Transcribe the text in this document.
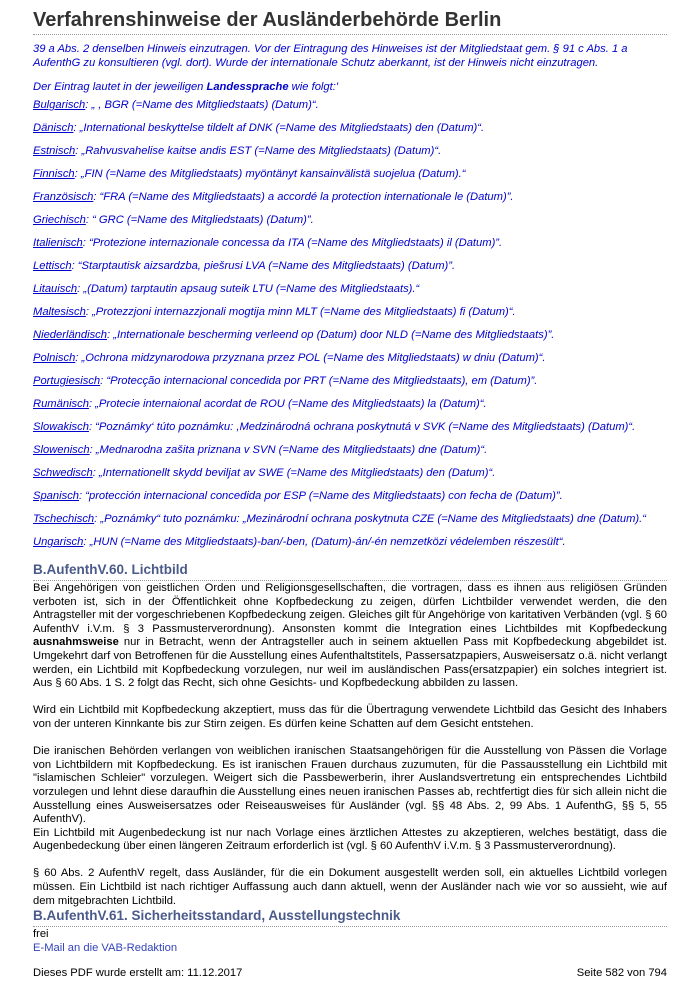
Verfahrenshinweise der Ausländerbehörde Berlin

39 a Abs. 2 denselben Hinweis einzutragen. Vor der Eintragung des Hinweises ist der Mitgliedstaat gem. § 91 c Abs. 1 a AufenthG zu konsultieren (vgl. dort). Wurde der internationale Schutz aberkannt, ist der Hinweis nicht einzutragen.

Der Eintrag lautet in der jeweiligen Landessprache wie folgt:'

Bulgarisch: „ , BGR (=Name des Mitgliedstaats) (Datum)“.
Dänisch: „International beskyttelse tildelt af DNK (=Name des Mitgliedstaats) den (Datum)“.
Estnisch: „Rahvusvahelise kaitse andis EST (=Name des Mitgliedstaats) (Datum)“.
Finnisch: „FIN (=Name des Mitgliedstaats) myöntänyt kansainvälistä suojelua (Datum).“
Französisch: “FRA (=Name des Mitgliedstaats) a accordé la protection internationale le (Datum)”.
Griechisch: “ GRC (=Name des Mitgliedstaats) (Datum)”.
Italienisch: “Protezione internazionale concessa da ITA (=Name des Mitgliedstaats) il (Datum)”.
Lettisch: “Starptautisk aizsardzba, piešrusi LVA (=Name des Mitgliedstaats) (Datum)”.
Litauisch: „(Datum) tarptautin apsaug suteik LTU (=Name des Mitgliedstaats).“
Maltesisch: „Protezzjoni internazzjonali mogtija minn MLT (=Name des Mitgliedstaats) fi (Datum)“.
Niederländisch: „Internationale bescherming verleend op (Datum) door NLD (=Name des Mitgliedstaats)”.
Polnisch: „Ochrona midzynarodowa przyznana przez POL (=Name des Mitgliedstaats) w dniu (Datum)“.
Portugiesisch: “Protecção internacional concedida por PRT (=Name des Mitgliedstaats), em (Datum)”.
Rumänisch: „Protecie internaional acordat de ROU (=Name des Mitgliedstaats) la (Datum)“.
Slowakisch: “Poznámky‘ túto poznámku: ,Medzinárodná ochrana poskytnutá v SVK (=Name des Mitgliedstaats) (Datum)“.
Slowenisch: „Mednarodna zašita priznana v SVN (=Name des Mitgliedstaats) dne (Datum)“.
Schwedisch: „Internationellt skydd beviljat av SWE (=Name des Mitgliedstaats) den (Datum)“.
Spanisch: “protección internacional concedida por ESP (=Name des Mitgliedstaats) con fecha de (Datum)”.
Tschechisch: „Poznámky“ tuto poznámku: „Mezinárodní ochrana poskytnuta CZE (=Name des Mitgliedstaats) dne (Datum).“
Ungarisch: „HUN (=Name des Mitgliedstaats)-ban/-ben, (Datum)-án/-én nemzetközi védelemben részesült“.
B.AufenthV.60. Lichtbild

Bei Angehörigen von geistlichen Orden und Religionsgesellschaften, die vortragen, dass es ihnen aus religiösen Gründen verboten ist, sich in der Öffentlichkeit ohne Kopfbedeckung zu zeigen, dürfen Lichtbilder verwendet werden, die den Antragsteller mit der vorgeschriebenen Kopfbedeckung zeigen. Gleiches gilt für Angehörige von karitativen Verbänden (vgl. § 60 AufenthV i.V.m. § 3 Passmusterverordnung). Ansonsten kommt die Integration eines Lichtbildes mit Kopfbedeckung ausnahmsweise nur in Betracht, wenn der Antragsteller auch in seinem aktuellen Pass mit Kopfbedeckung abgebildet ist. Umgekehrt darf von Betroffenen für die Ausstellung eines Aufenthaltstitels, Passersatzpapiers, Ausweisersatz o.ä. nicht verlangt werden, ein Lichtbild mit Kopfbedeckung vorzulegen, nur weil im ausländischen Pass(ersatzpapier) ein solches integriert ist. Aus § 60 Abs. 1 S. 2 folgt das Recht, sich ohne Gesichts- und Kopfbedeckung abbilden zu lassen.

Wird ein Lichtbild mit Kopfbedeckung akzeptiert, muss das für die Übertragung verwendete Lichtbild das Gesicht des Inhabers von der unteren Kinnkante bis zur Stirn zeigen. Es dürfen keine Schatten auf dem Gesicht entstehen.

Die iranischen Behörden verlangen von weiblichen iranischen Staatsangehörigen für die Ausstellung von Pässen die Vorlage von Lichtbildern mit Kopfbedeckung. Es ist iranischen Frauen durchaus zuzumuten, für die Passausstellung ein Lichtbild mit "islamischen Schleier" vorzulegen. Weigert sich die Passbewerberin, ihrer Auslandsvertretung ein entsprechendes Lichtbild vorzulegen und lehnt diese daraufhin die Ausstellung eines neuen iranischen Passes ab, rechtfertigt dies für sich allein nicht die Ausstellung eines Ausweisersatzes oder Reiseausweises für Ausländer (vgl. §§ 48 Abs. 2, 99 Abs. 1 AufenthG, §§ 5, 55 AufenthV).

Ein Lichtbild mit Augenbedeckung ist nur nach Vorlage eines ärztlichen Attestes zu akzeptieren, welches bestätigt, dass die Augenbedeckung über einen längeren Zeitraum erforderlich ist (vgl. § 60 AufenthV i.V.m. § 3 Passmusterverordnung).

§ 60 Abs. 2 AufenthV regelt, dass Ausländer, für die ein Dokument ausgestellt werden soll, ein aktuelles Lichtbild vorlegen müssen. Ein Lichtbild ist nach richtiger Auffassung auch dann aktuell, wenn der Ausländer nach wie vor so aussieht, wie auf dem mitgebrachten Lichtbild.

B.AufenthV.61. Sicherheitsstandard, Ausstellungstechnik
frei
E-Mail an die VAB-Redaktion
Dieses PDF wurde erstellt am: 11.12.2017	Seite 582 von 794
